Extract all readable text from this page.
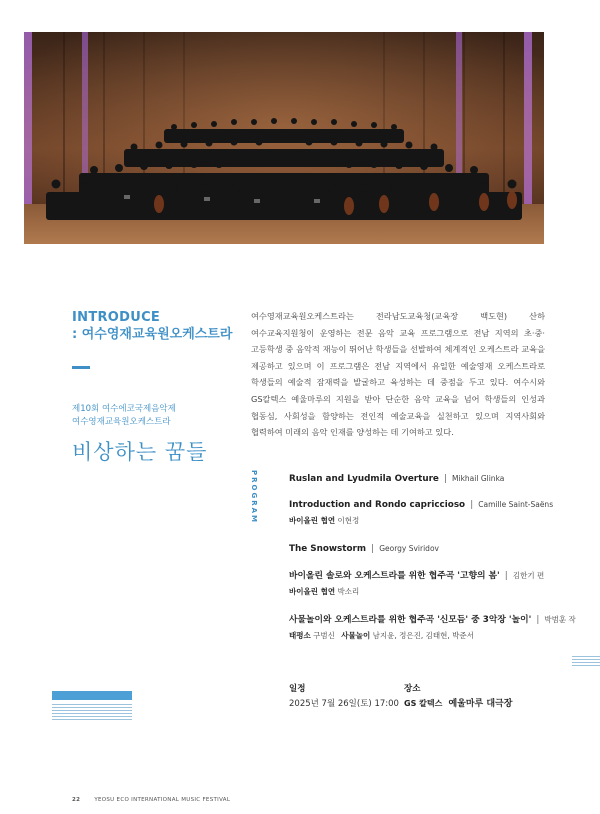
INTRODUCE
: 여수영재교육원오케스트라
제10회 여수에코국제음악제
여수영재교육원오케스트라
비상하는 꿈들
여수영재교육원오케스트라는 전라남도교육청(교육장 백도현) 산하 여수교육지원청이 운영하는 전문 음악 교육 프로그램으로 전남 지역의 초·중·고등학생 중 음악적 재능이 뛰어난 학생들을 선발하여 체계적인 오케스트라 교육을 제공하고 있으며 이 프로그램은 전남 지역에서 유일한 예술영재 오케스트라로 학생들의 예술적 잠재력을 발굴하고 육성하는 데 중점을 두고 있다. 여수시와 GS칼텍스 예울마루의 지원을 받아 단순한 음악 교육을 넘어 학생들의 인성과 협동심, 사회성을 함양하는 전인적 예술교육을 실천하고 있으며 지역사회와 협력하여 미래의 음악 인재를 양성하는 데 기여하고 있다.
PROGRAM	Ruslan and Lyudmila Overture | Mikhail Glinka
Introduction and Rondo capriccioso | Camille Saint-Saëns
바이올린 협연 이현정
The Snowstorm | Georgy Sviridov
바이올린 솔로와 오케스트라를 위한 협주곡 '고향의 봄' | 김한기 편
바이올린 협연 박소리
사물놀이와 오케스트라를 위한 협주곡 '신모듬' 중 3악장 '놀이' | 박범훈 작
태평소 구범신 사물놀이 남지윤, 정은진, 김태현, 박준서
일정
2025년 7월 26일(토) 17:00
장소
GS 칼텍스 예울마루 대극장
22	YEOSU ECO INTERNATIONAL MUSIC FESTIVAL
